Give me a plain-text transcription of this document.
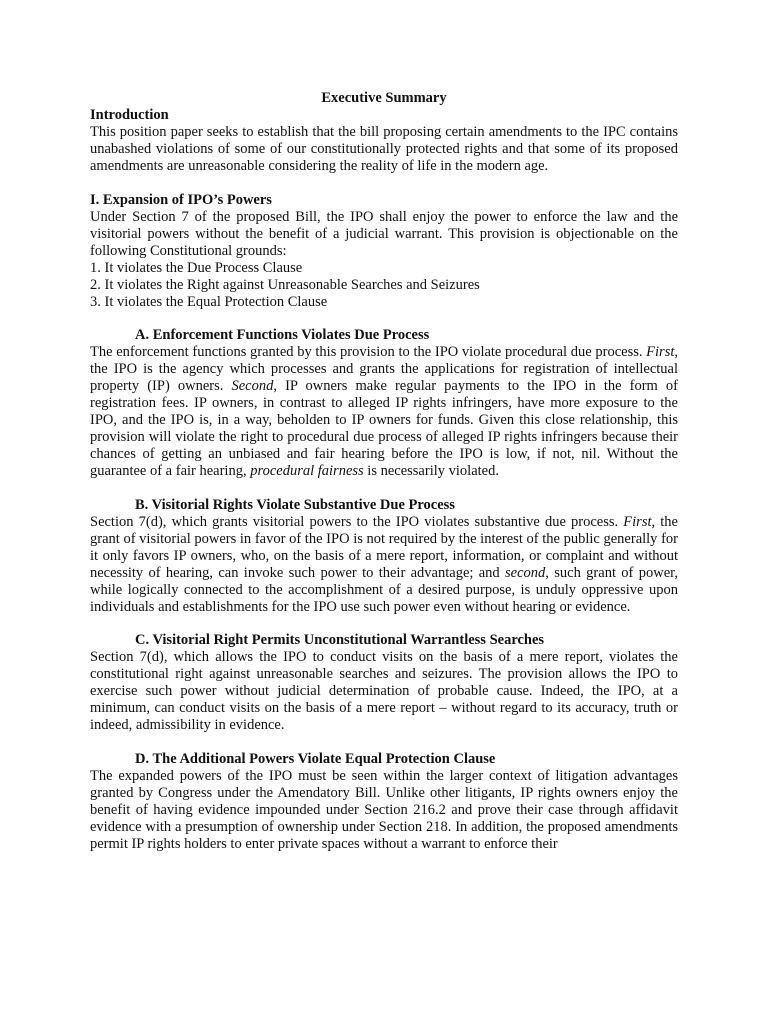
Executive Summary
Introduction

This position paper seeks to establish that the bill proposing certain amendments to the IPC contains unabashed violations of some of our constitutionally protected rights and that some of its proposed amendments are unreasonable considering the reality of life in the modern age.

I. Expansion of IPO’s Powers

Under Section 7 of the proposed Bill, the IPO shall enjoy the power to enforce the law and the visitorial powers without the benefit of a judicial warrant. This provision is objectionable on the following Constitutional grounds:

1. It violates the Due Process Clause
2. It violates the Right against Unreasonable Searches and Seizures
3. It violates the Equal Protection Clause
A. Enforcement Functions Violates Due Process

The enforcement functions granted by this provision to the IPO violate procedural due process. First, the IPO is the agency which processes and grants the applications for registration of intellectual property (IP) owners. Second, IP owners make regular payments to the IPO in the form of registration fees. IP owners, in contrast to alleged IP rights infringers, have more exposure to the IPO, and the IPO is, in a way, beholden to IP owners for funds. Given this close relationship, this provision will violate the right to procedural due process of alleged IP rights infringers because their chances of getting an unbiased and fair hearing before the IPO is low, if not, nil. Without the guarantee of a fair hearing, procedural fairness is necessarily violated.

B. Visitorial Rights Violate Substantive Due Process

Section 7(d), which grants visitorial powers to the IPO violates substantive due process. First, the grant of visitorial powers in favor of the IPO is not required by the interest of the public generally for it only favors IP owners, who, on the basis of a mere report, information, or complaint and without necessity of hearing, can invoke such power to their advantage; and second, such grant of power, while logically connected to the accomplishment of a desired purpose, is unduly oppressive upon individuals and establishments for the IPO use such power even without hearing or evidence.

C. Visitorial Right Permits Unconstitutional Warrantless Searches

Section 7(d), which allows the IPO to conduct visits on the basis of a mere report, violates the constitutional right against unreasonable searches and seizures. The provision allows the IPO to exercise such power without judicial determination of probable cause. Indeed, the IPO, at a minimum, can conduct visits on the basis of a mere report – without regard to its accuracy, truth or indeed, admissibility in evidence.

D. The Additional Powers Violate Equal Protection Clause

The expanded powers of the IPO must be seen within the larger context of litigation advantages granted by Congress under the Amendatory Bill. Unlike other litigants, IP rights owners enjoy the benefit of having evidence impounded under Section 216.2 and prove their case through affidavit evidence with a presumption of ownership under Section 218. In addition, the proposed amendments permit IP rights holders to enter private spaces without a warrant to enforce their
